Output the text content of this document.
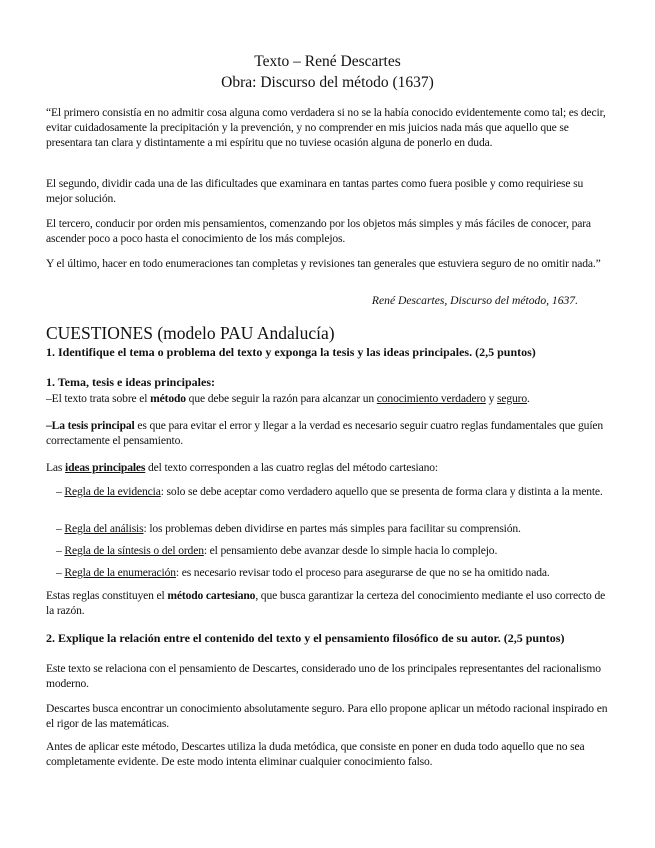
Texto – René Descartes
Obra: Discurso del método (1637)
“El primero consistía en no admitir cosa alguna como verdadera si no se la había conocido evidentemente como tal; es decir, evitar cuidadosamente la precipitación y la prevención, y no comprender en mis juicios nada más que aquello que se presentara tan clara y distintamente a mi espíritu que no tuviese ocasión alguna de ponerlo en duda.
El segundo, dividir cada una de las dificultades que examinara en tantas partes como fuera posible y como requiriese su mejor solución.
El tercero, conducir por orden mis pensamientos, comenzando por los objetos más simples y más fáciles de conocer, para ascender poco a poco hasta el conocimiento de los más complejos.
Y el último, hacer en todo enumeraciones tan completas y revisiones tan generales que estuviera seguro de no omitir nada.”
René Descartes, Discurso del método, 1637.
CUESTIONES (modelo PAU Andalucía)
1. Identifique el tema o problema del texto y exponga la tesis y las ideas principales. (2,5 puntos)
1. Tema, tesis e ideas principales:
–El texto trata sobre el método que debe seguir la razón para alcanzar un conocimiento verdadero y seguro.
–La tesis principal es que para evitar el error y llegar a la verdad es necesario seguir cuatro reglas fundamentales que guíen correctamente el pensamiento.
Las ideas principales del texto corresponden a las cuatro reglas del método cartesiano:
– Regla de la evidencia: solo se debe aceptar como verdadero aquello que se presenta de forma clara y distinta a la mente.
– Regla del análisis: los problemas deben dividirse en partes más simples para facilitar su comprensión.
– Regla de la síntesis o del orden: el pensamiento debe avanzar desde lo simple hacia lo complejo.
– Regla de la enumeración: es necesario revisar todo el proceso para asegurarse de que no se ha omitido nada.
Estas reglas constituyen el método cartesiano, que busca garantizar la certeza del conocimiento mediante el uso correcto de la razón.
2. Explique la relación entre el contenido del texto y el pensamiento filosófico de su autor. (2,5 puntos)
Este texto se relaciona con el pensamiento de Descartes, considerado uno de los principales representantes del racionalismo moderno.
Descartes busca encontrar un conocimiento absolutamente seguro. Para ello propone aplicar un método racional inspirado en el rigor de las matemáticas.
Antes de aplicar este método, Descartes utiliza la duda metódica, que consiste en poner en duda todo aquello que no sea completamente evidente. De este modo intenta eliminar cualquier conocimiento falso.
